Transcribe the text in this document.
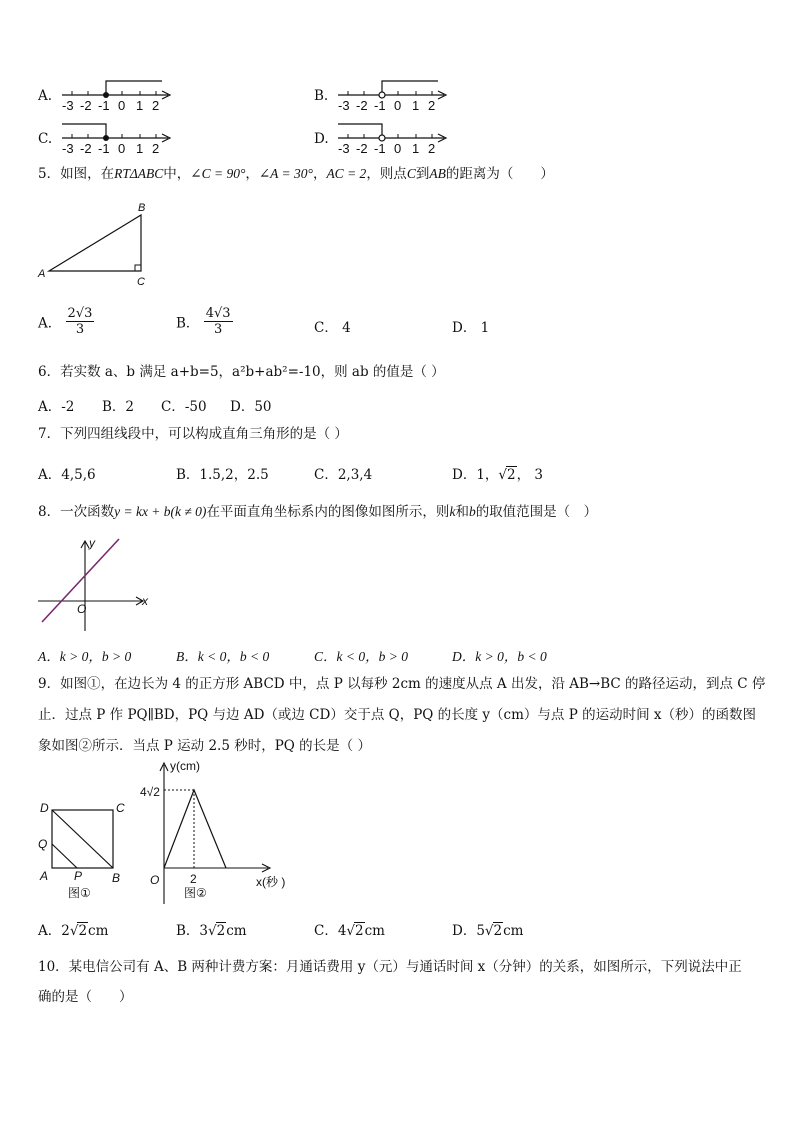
A.
-3 -2 -1 0 1 2
B.
-3 -2 -1 0 1 2
C.
-3 -2 -1 0 1 2
D.
-3 -2 -1 0 1 2
5．如图，在RTΔABC中，∠C = 90°，∠A = 30°，AC = 2，则点C到AB的距离为（　　）
A
B
C
A． $\frac{2√3}{3}$	B． $\frac{4√3}{3}$	C． 4	D． 1
6．若实数 a、b 满足 a+b=5，a²b+ab²=-10，则 ab 的值是（ ）
A．-2 B．2 C．-50 D．50
7．下列四组线段中，可以构成直角三角形的是（ ）
A．4,5,6	B．1.5,2，2.5	C．2,3,4	D．1，√2， 3
8．一次函数y = kx + b(k ≠ 0)在平面直角坐标系内的图像如图所示，则k和b的取值范围是（　）
y
x
O
A．k > 0，b > 0	B．k < 0，b < 0	C．k < 0，b > 0	D．k > 0，b < 0
9．如图①，在边长为 4 的正方形 ABCD 中，点 P 以每秒 2cm 的速度从点 A 出发，沿 AB→BC 的路径运动，到点 C 停
止．过点 P 作 PQ∥BD，PQ 与边 AD（或边 CD）交于点 Q，PQ 的长度 y（cm）与点 P 的运动时间 x（秒）的函数图
象如图②所示．当点 P 运动 2.5 秒时，PQ 的长是（ ）
D	C
Q
A P B
图①
y(cm)
4√2
O	2	x(秒 )
图②
A．2√2cm	B．3√2cm	C．4√2cm	D．5√2cm
10．某电信公司有 A、B 两种计费方案：月通话费用 y（元）与通话时间 x（分钟）的关系，如图所示，下列说法中正
确的是（　　）
